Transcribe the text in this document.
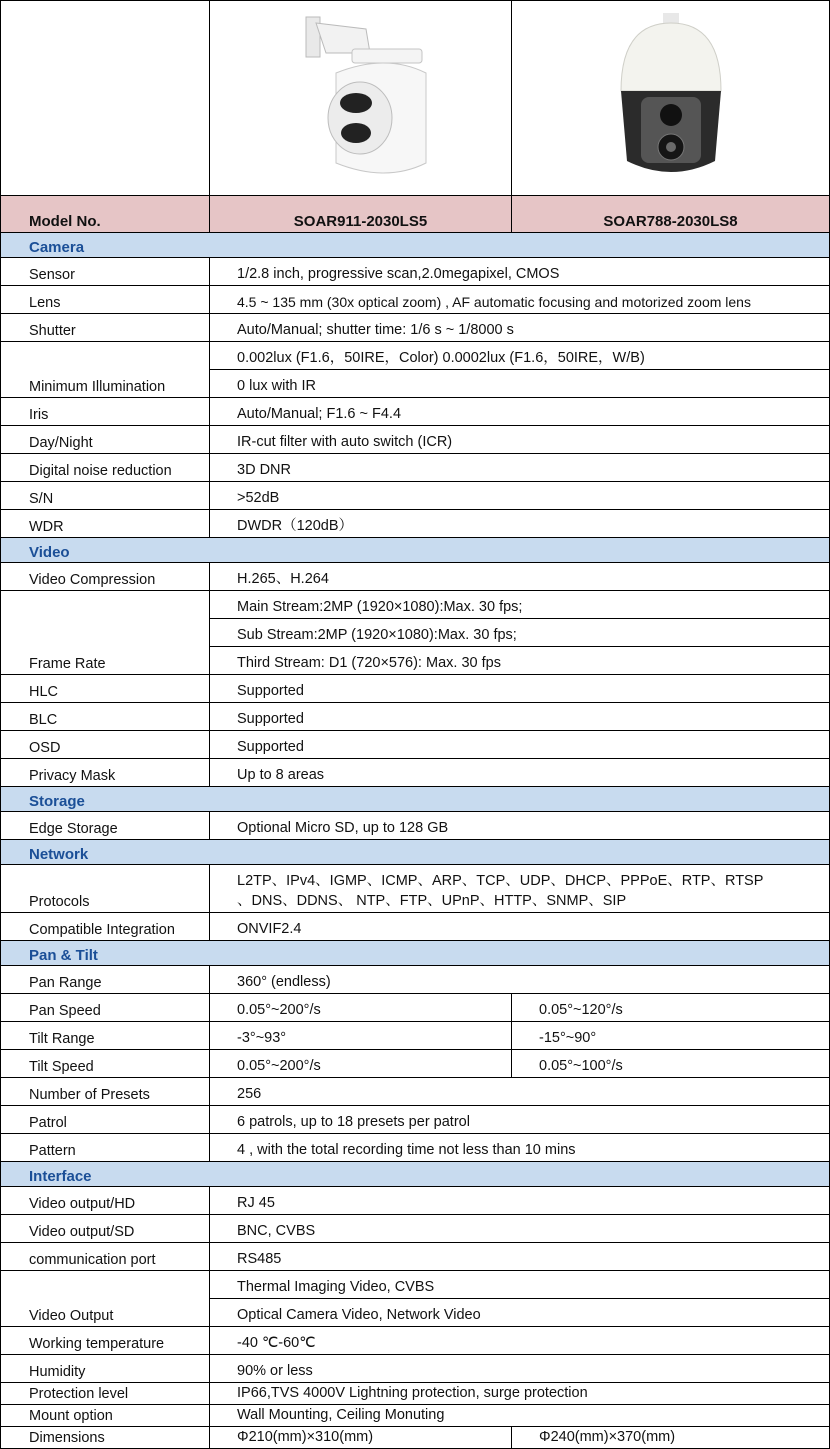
Model No.	SOAR911-2030LS5	SOAR788-2030LS8
Camera		
Sensor	1/2.8 inch, progressive scan,2.0megapixel, CMOS	
Lens	4.5 ~ 135 mm (30x optical zoom) , AF automatic focusing and motorized zoom lens	
Shutter	Auto/Manual; shutter time: 1/6 s ~ 1/8000 s	
Minimum Illumination	0.002lux (F1.6，50IRE，Color) 0.0002lux (F1.6，50IRE，W/B)	
	0 lux with IR	
Iris	Auto/Manual; F1.6 ~ F4.4	
Day/Night	IR-cut filter with auto switch (ICR)	
Digital noise reduction	3D DNR	
S/N	>52dB	
WDR	DWDR（120dB）	
Video		
Video Compression	H.265、H.264	
Frame Rate	Main Stream:2MP (1920×1080):Max. 30 fps;	
	Sub Stream:2MP (1920×1080):Max. 30 fps;	
	Third Stream: D1 (720×576): Max. 30 fps	
HLC	Supported	
BLC	Supported	
OSD	Supported	
Privacy Mask	Up to 8 areas	
Storage		
Edge Storage	Optional Micro SD, up to 128 GB	
Network		
Protocols	L2TP、IPv4、IGMP、ICMP、ARP、TCP、UDP、DHCP、PPPoE、RTP、RTSP
、DNS、DDNS、 NTP、FTP、UPnP、HTTP、SNMP、SIP	

Compatible Integration	ONVIF2.4	
Pan & Tilt		
Pan Range	360° (endless)	
Pan Speed	0.05°~200°/s	0.05°~120°/s
Tilt Range	-3°~93°	-15°~90°
Tilt Speed	0.05°~200°/s	0.05°~100°/s
Number of Presets	256	
Patrol	6 patrols, up to 18 presets per patrol	
Pattern	4 , with the total recording time not less than 10 mins	
Interface		
Video output/HD	RJ 45	
Video output/SD	BNC, CVBS	
communication port	RS485	
Video Output	Thermal Imaging Video, CVBS	
	Optical Camera Video, Network Video	
Working temperature	-40 ℃-60℃	
Humidity	90% or less	
Protection level	IP66,TVS 4000V Lightning protection, surge protection	
Mount option	Wall Mounting, Ceiling Monuting	
Dimensions	Φ210(mm)×310(mm)	Φ240(mm)×370(mm)
